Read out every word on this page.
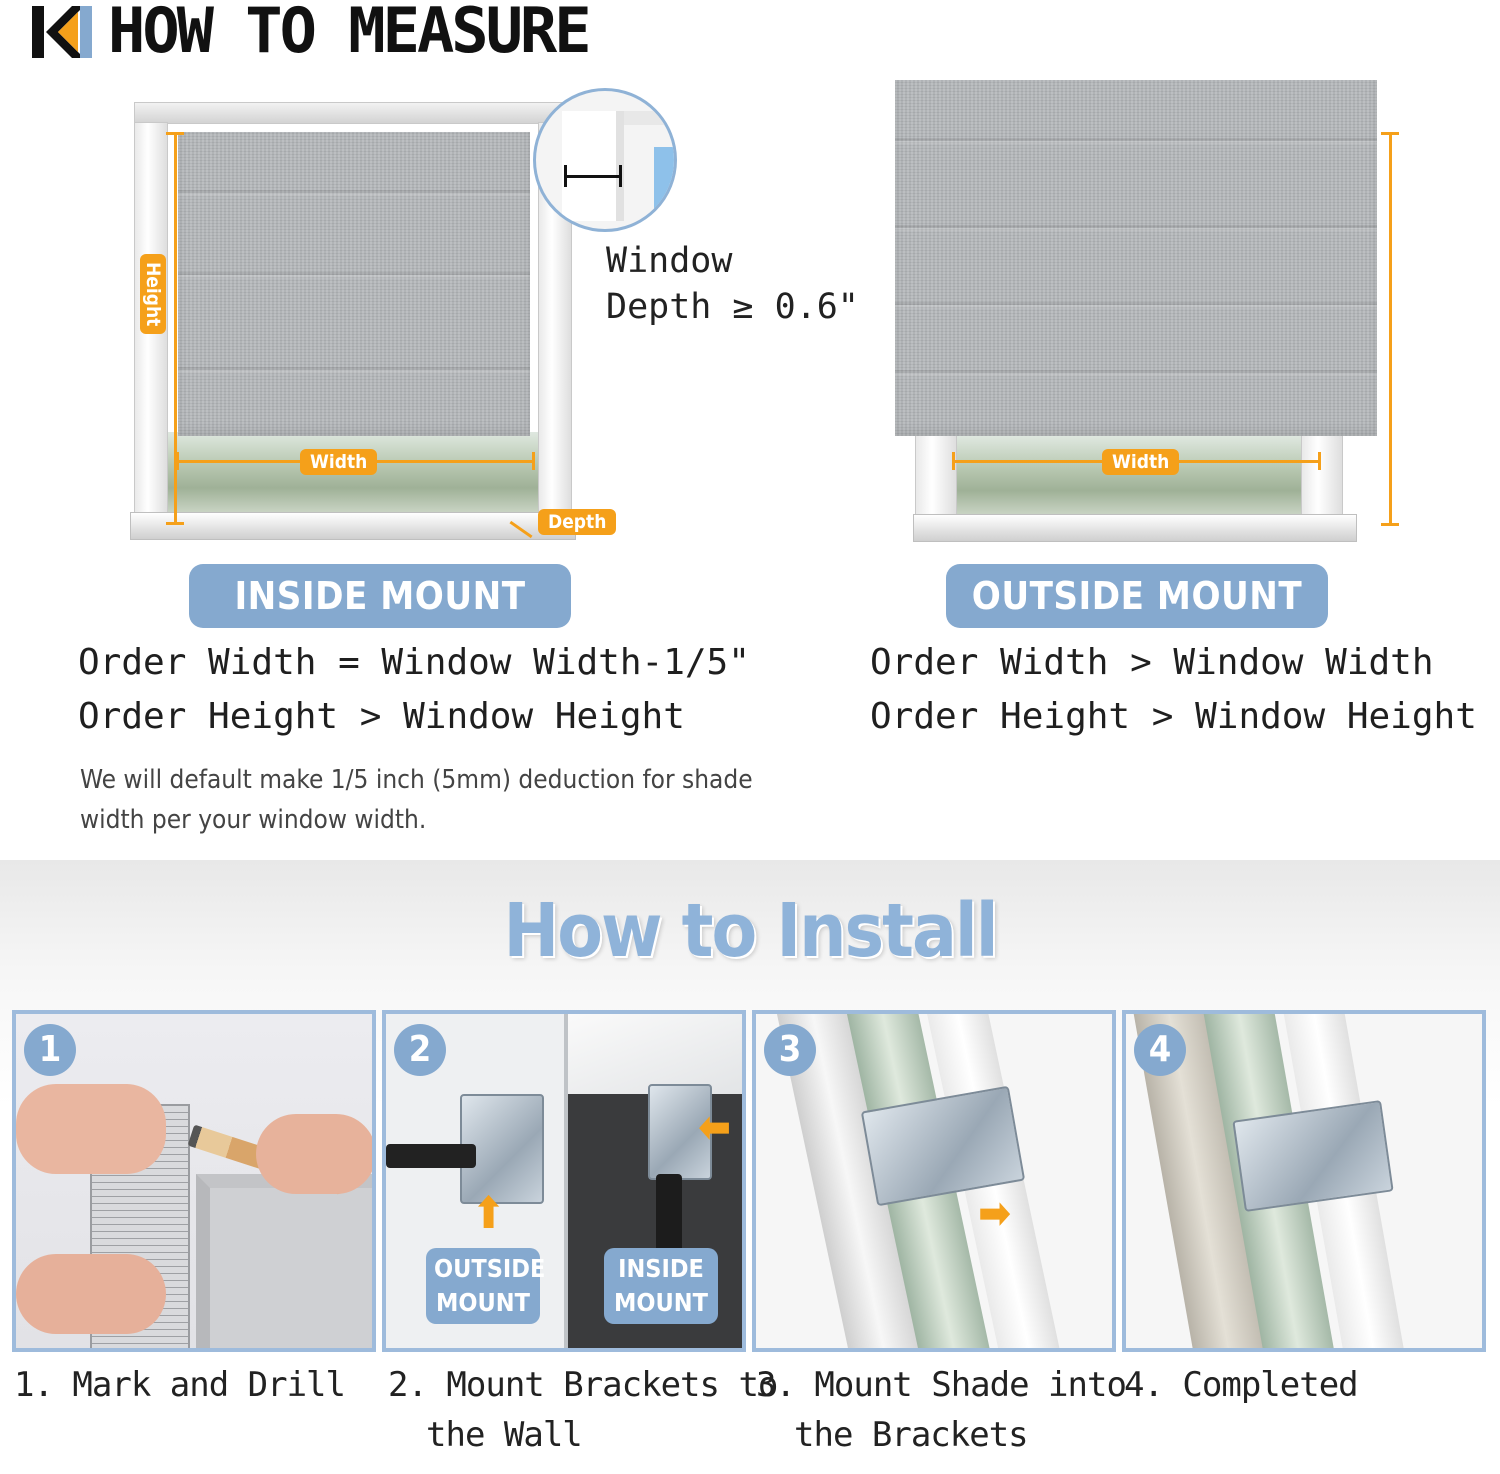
HOW TO MEASURE
Height
Width
Depth
Window
Depth ≥ 0.6"
Width
INSIDE MOUNT	OUTSIDE MOUNT
Order Width = Window Width-1/5"
Order Height > Window Height
Order Width > Window Width
Order Height > Window Height
We will default make 1/5 inch (5mm) deduction for shade width per your window width.
How to Install
1
1. Mark and Drill
2
⬆
⬅
OUTSIDE
MOUNT
INSIDE
MOUNT
2. Mount Brackets to
the Wall
3
➡
3. Mount Shade into
the Brackets
4
4. Completed
